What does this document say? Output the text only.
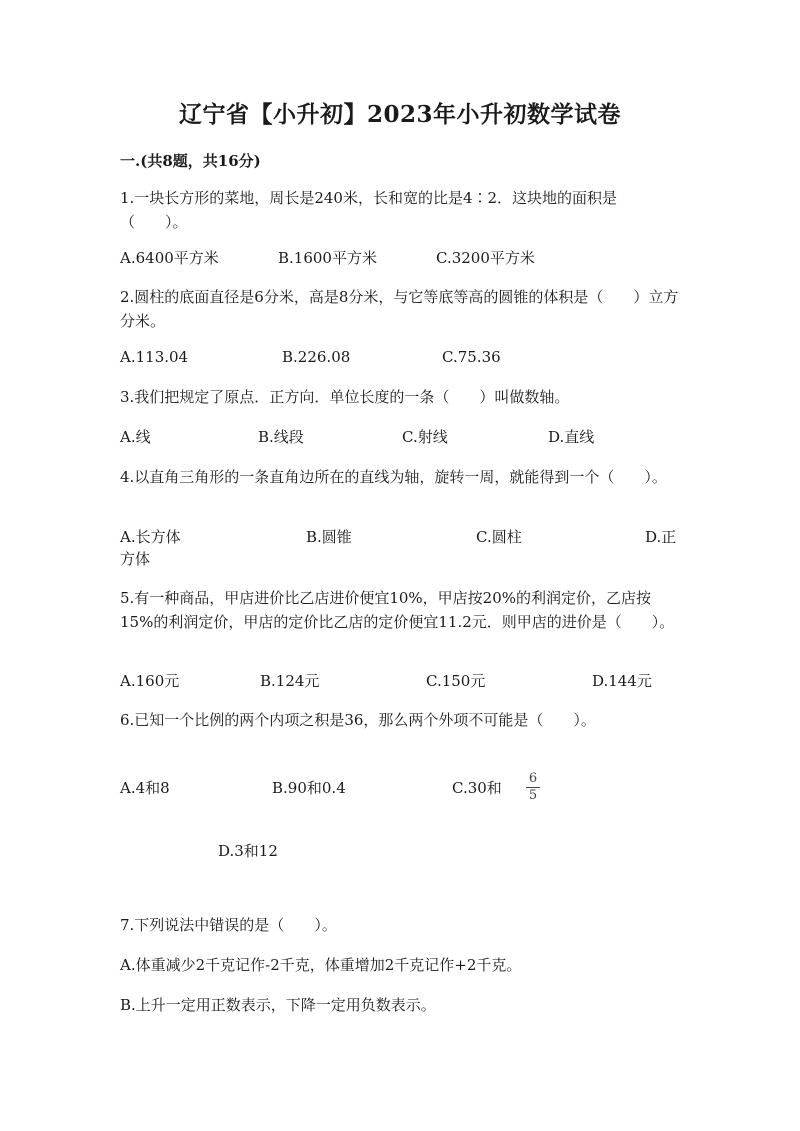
辽宁省【小升初】2023年小升初数学试卷
一.(共8题，共16分)
1.一块长方形的菜地，周长是240米，长和宽的比是4∶2．这块地的面积是（　　）。
A.6400平方米	B.1600平方米	C.3200平方米
2.圆柱的底面直径是6分米，高是8分米，与它等底等高的圆锥的体积是（　　）立方分米。
A.113.04	B.226.08	C.75.36
3.我们把规定了原点．正方向．单位长度的一条（　　）叫做数轴。
A.线	B.线段	C.射线	D.直线
4.以直角三角形的一条直角边所在的直线为轴，旋转一周，就能得到一个（　　）。
A.长方体	B.圆锥	C.圆柱	D.正
方体
5.有一种商品，甲店进价比乙店进价便宜10%，甲店按20%的利润定价，乙店按15%的利润定价，甲店的定价比乙店的定价便宜11.2元．则甲店的进价是（　　）。
A.160元	B.124元	C.150元	D.144元
6.已知一个比例的两个内项之积是36，那么两个外项不可能是（　　）。
A.4和8	B.90和0.4	C.30和
6
5
D.3和12
7.下列说法中错误的是（　　）。
A.体重减少2千克记作-2千克，体重增加2千克记作+2千克。
B.上升一定用正数表示，下降一定用负数表示。
